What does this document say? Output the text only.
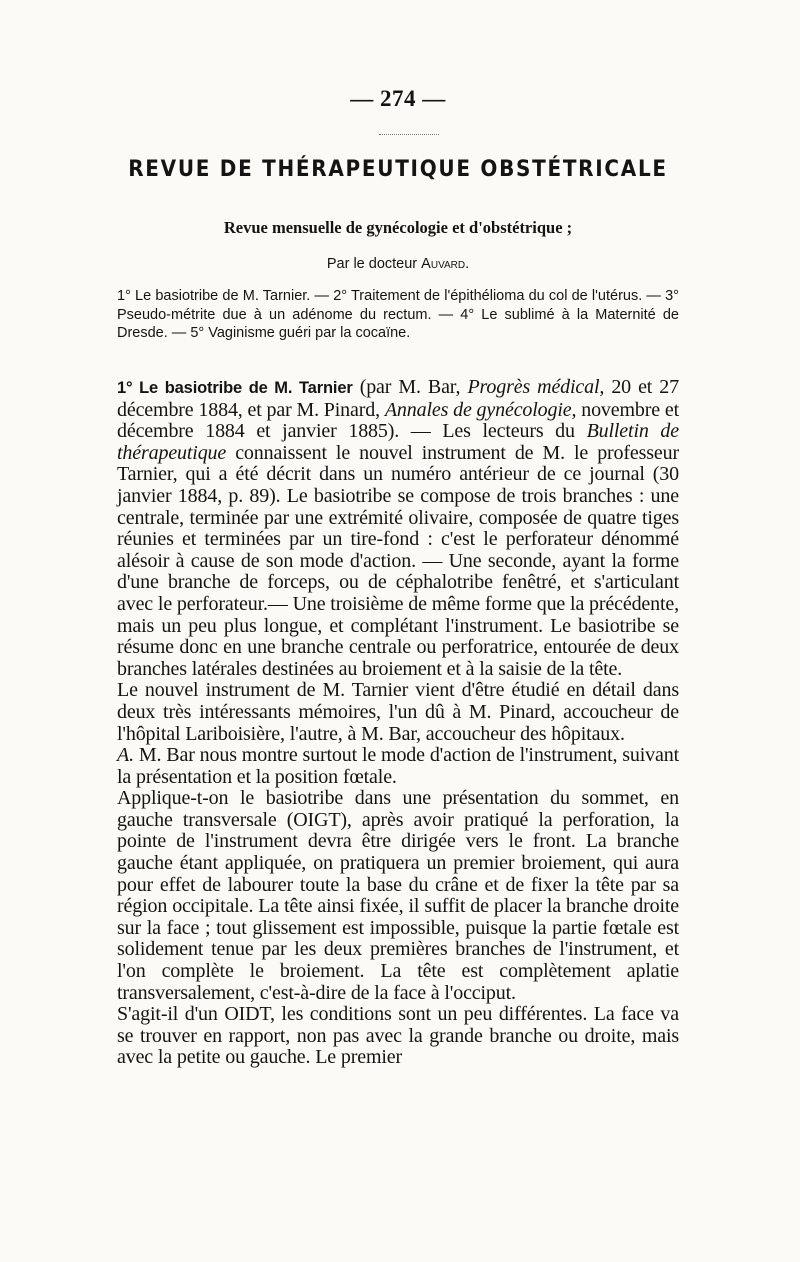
— 274 —
REVUE DE THÉRAPEUTIQUE OBSTÉTRICALE
Revue mensuelle de gynécologie et d'obstétrique ;
Par le docteur Auvard.
1° Le basiotribe de M. Tarnier. — 2° Traitement de l'épithélioma du col de l'utérus. — 3° Pseudo-métrite due à un adénome du rectum. — 4° Le sublimé à la Maternité de Dresde. — 5° Vaginisme guéri par la cocaïne.

1° Le basiotribe de M. Tarnier (par M. Bar, Progrès médical, 20 et 27 décembre 1884, et par M. Pinard, Annales de gynécologie, novembre et décembre 1884 et janvier 1885). — Les lecteurs du Bulletin de thérapeutique connaissent le nouvel instrument de M. le professeur Tarnier, qui a été décrit dans un numéro antérieur de ce journal (30 janvier 1884, p. 89). Le basiotribe se compose de trois branches : une centrale, terminée par une extrémité olivaire, composée de quatre tiges réunies et terminées par un tire-fond : c'est le perforateur dénommé alésoir à cause de son mode d'action. — Une seconde, ayant la forme d'une branche de forceps, ou de céphalotribe fenêtré, et s'articulant avec le perforateur.— Une troisième de même forme que la précédente, mais un peu plus longue, et complétant l'instrument. Le basiotribe se résume donc en une branche centrale ou perforatrice, entourée de deux branches latérales destinées au broiement et à la saisie de la tête.

Le nouvel instrument de M. Tarnier vient d'être étudié en détail dans deux très intéressants mémoires, l'un dû à M. Pinard, accoucheur de l'hôpital Lariboisière, l'autre, à M. Bar, accoucheur des hôpitaux.

A. M. Bar nous montre surtout le mode d'action de l'instrument, suivant la présentation et la position fœtale.

Applique-t-on le basiotribe dans une présentation du sommet, en gauche transversale (OIGT), après avoir pratiqué la perforation, la pointe de l'instrument devra être dirigée vers le front. La branche gauche étant appliquée, on pratiquera un premier broiement, qui aura pour effet de labourer toute la base du crâne et de fixer la tête par sa région occipitale. La tête ainsi fixée, il suffit de placer la branche droite sur la face ; tout glissement est impossible, puisque la partie fœtale est solidement tenue par les deux premières branches de l'instrument, et l'on complète le broiement. La tête est complètement aplatie transversalement, c'est-à-dire de la face à l'occiput.

S'agit-il d'un OIDT, les conditions sont un peu différentes. La face va se trouver en rapport, non pas avec la grande branche ou droite, mais avec la petite ou gauche. Le premier
